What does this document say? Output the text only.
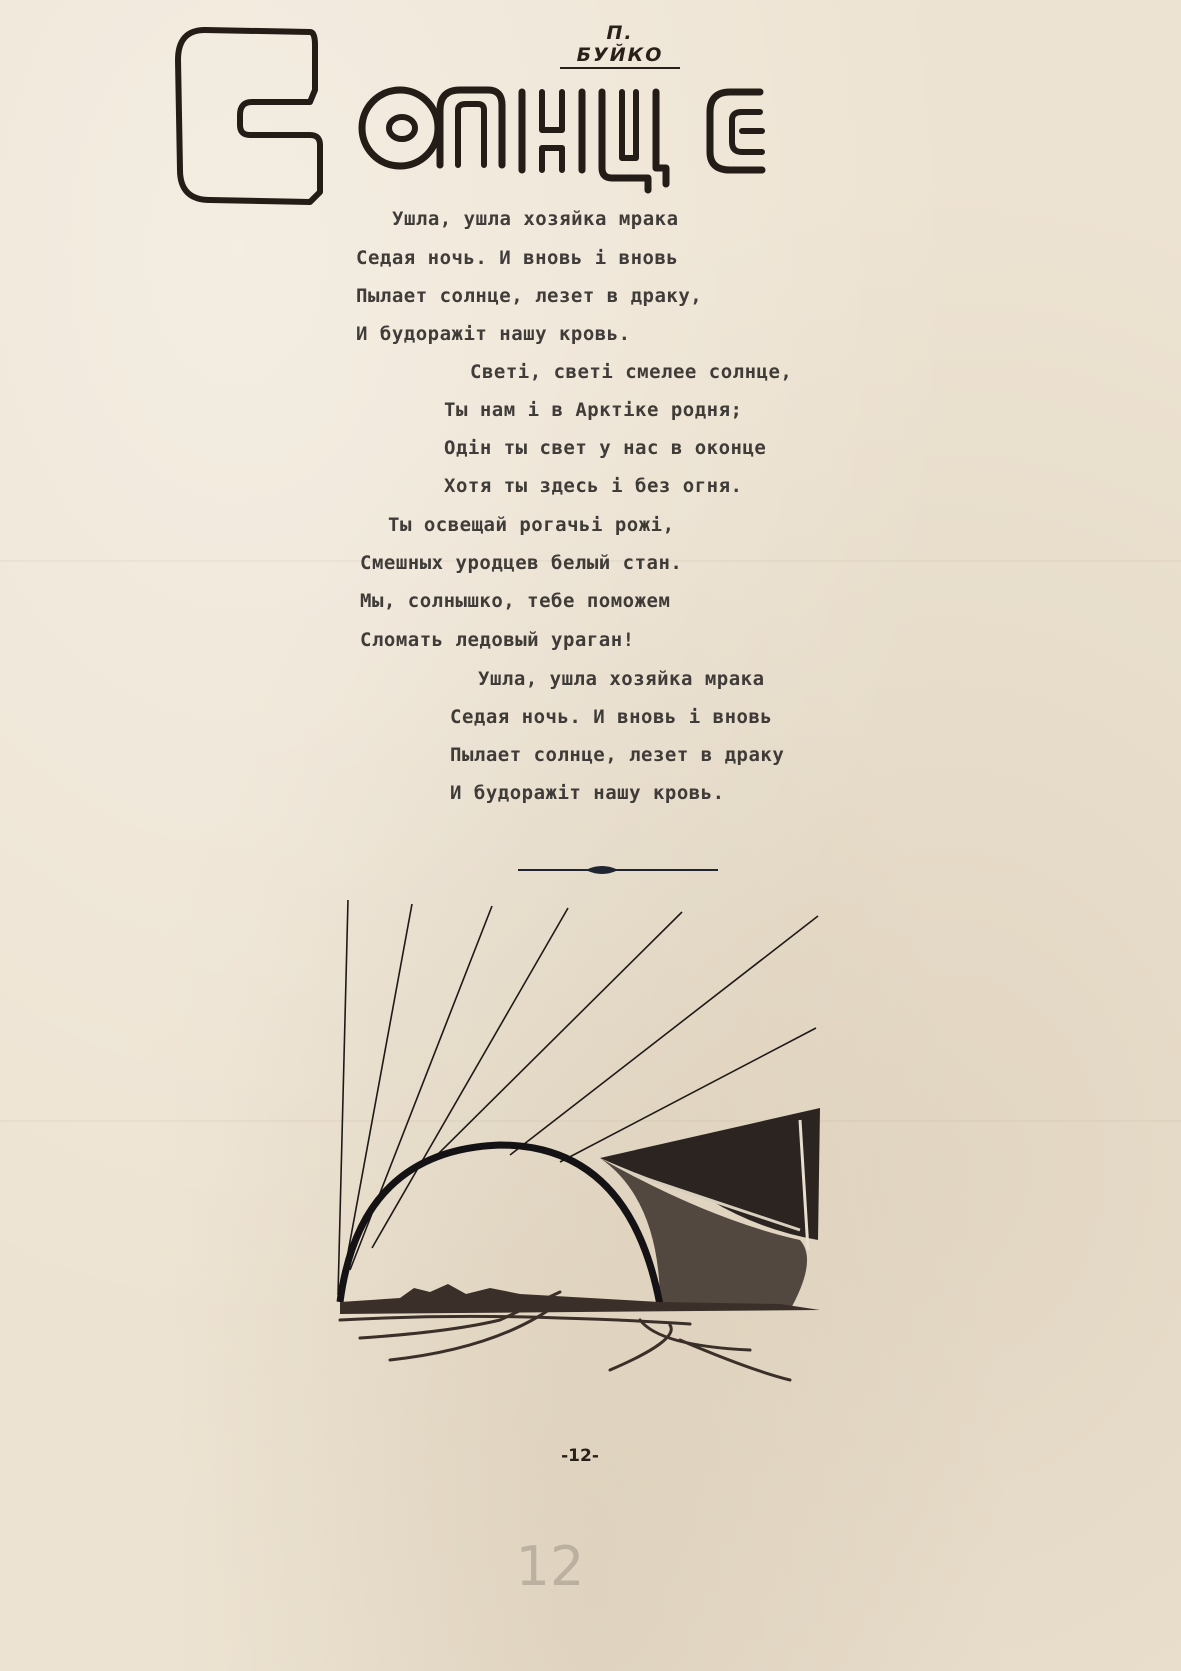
П. БУЙКО
Ушла, ушла хозяйка мрака
Седая ночь. И вновь і вновь
Пылает солнце, лезет в драку,
И будоражіт нашу кровь.
Светі, светі смелее солнце,
Ты нам і в Арктіке родня;
Одін ты свет у нас в оконце
Хотя ты здесь і без огня.
Ты освещай рогачьі рожі,
Смешных уродцев белый стан.
Мы, солнышко, тебе поможем
Сломать ледовый ураган!
Ушла, ушла хозяйка мрака
Седая ночь. И вновь і вновь
Пылает солнце, лезет в драку
И будоражіт нашу кровь.
-12-
12
